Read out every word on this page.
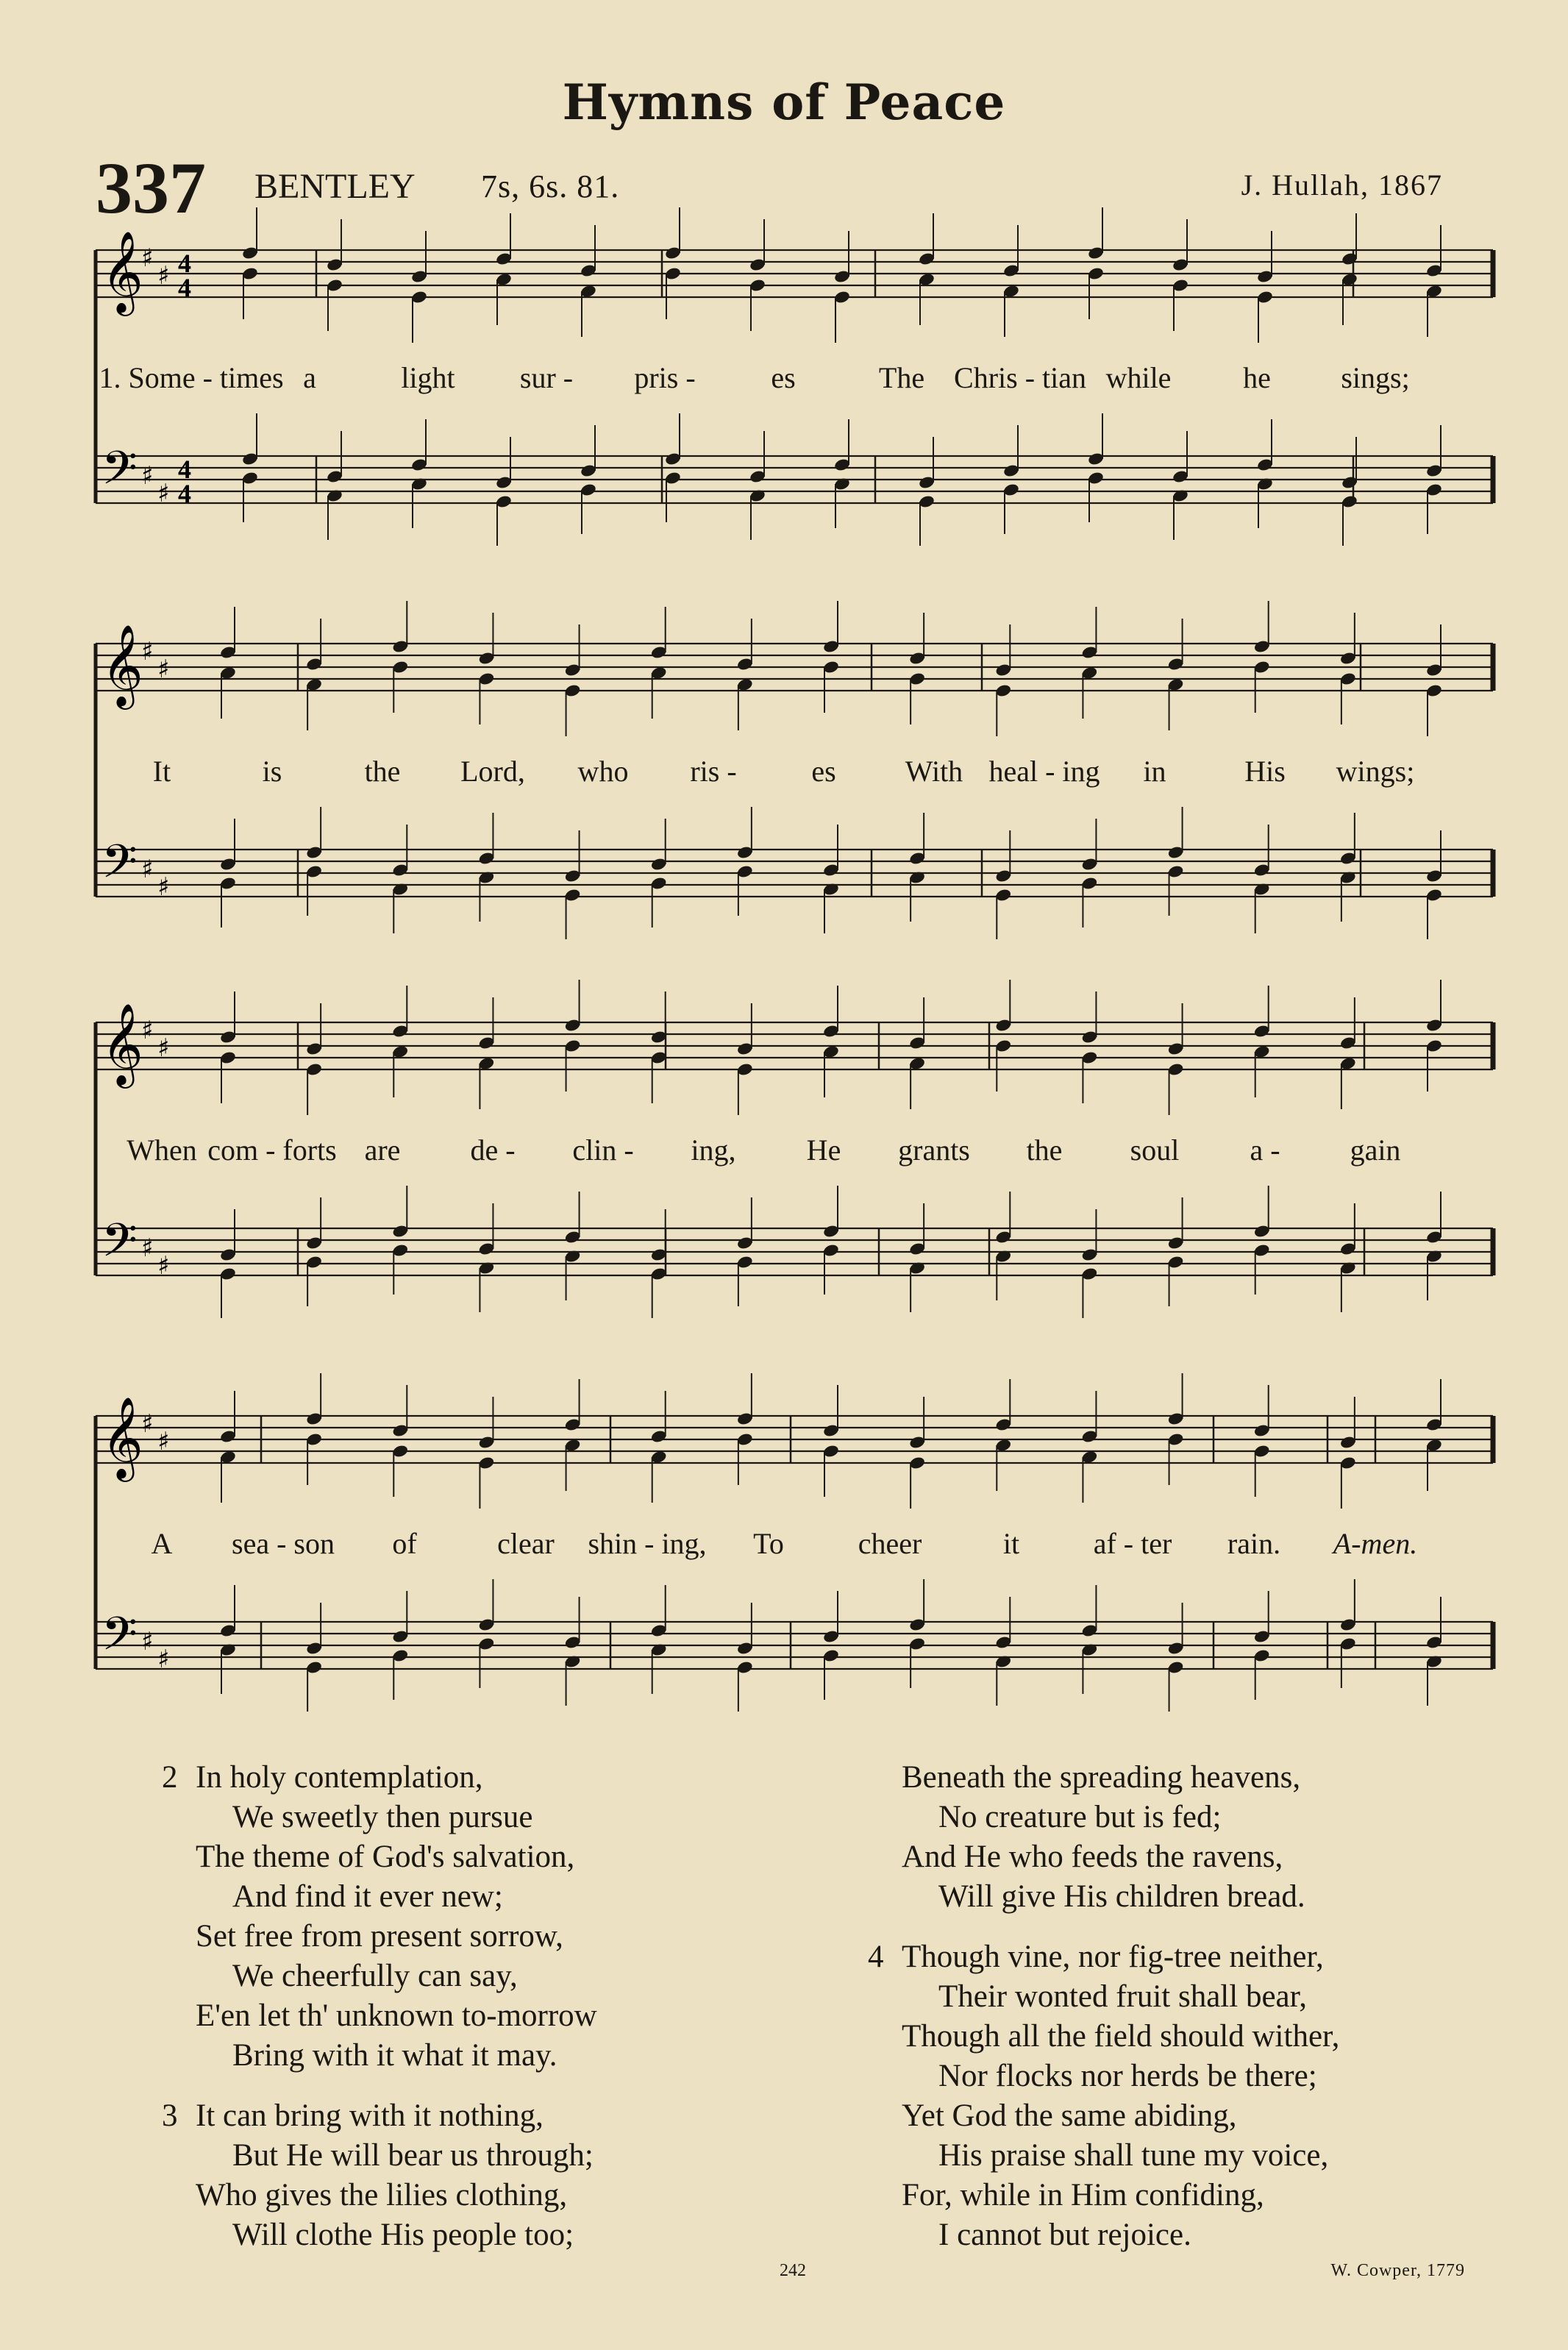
Hymns of Peace
337 BENTLEY 7s, 6s. 81.	J. Hullah, 1867
𝄞
𝄢
♯
♯
♯
♯
4
4
4
4
𝄞
𝄢
♯
♯
♯
♯
𝄞
𝄢
♯
♯
♯
♯
𝄞
𝄢
♯
♯
♯
♯
1. Some - times a	light sur - pris -	es	The Chris - tian while he sings;
It	is	the Lord, who ris -	es With heal - ing in	His wings;
When com - forts are de - clin - ing, He grants the soul a - gain
A sea - son of	clear shin - ing, To	cheer	it	af - ter rain. A-men.
2 In holy contemplation,
We sweetly then pursue
The theme of God's salvation,
And find it ever new;
Set free from present sorrow,
We cheerfully can say,
E'en let th' unknown to-morrow
Bring with it what it may.
3 It can bring with it nothing,
But He will bear us through;
Who gives the lilies clothing,
Will clothe His people too;
Beneath the spreading heavens,
No creature but is fed;
And He who feeds the ravens,
Will give His children bread.
4 Though vine, nor fig-tree neither,
Their wonted fruit shall bear,
Though all the field should wither,
Nor flocks nor herds be there;
Yet God the same abiding,
His praise shall tune my voice,
For, while in Him confiding,
I cannot but rejoice.
242	W. Cowper, 1779
